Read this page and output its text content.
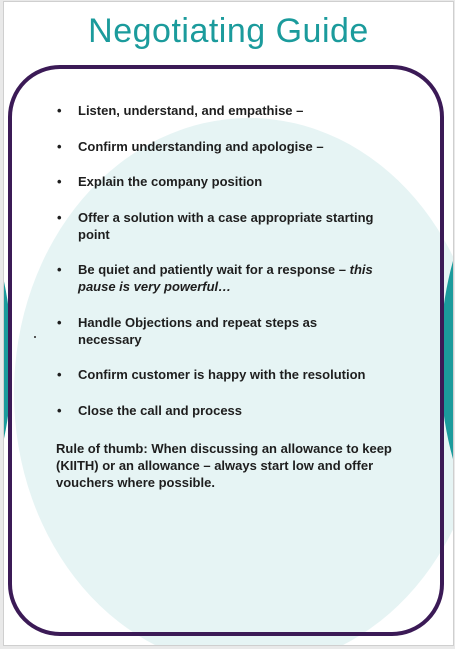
Negotiating Guide
• Listen, understand, and empathise –
• Confirm understanding and apologise –
• Explain the company position
• Offer a solution with a case appropriate starting point
• Be quiet and patiently wait for a response – this pause is very powerful…
• Handle Objections and repeat steps as necessary
• Confirm customer is happy with the resolution
• Close the call and process

Rule of thumb: When discussing an allowance to keep (KIITH) or an allowance – always start low and offer vouchers where possible.
